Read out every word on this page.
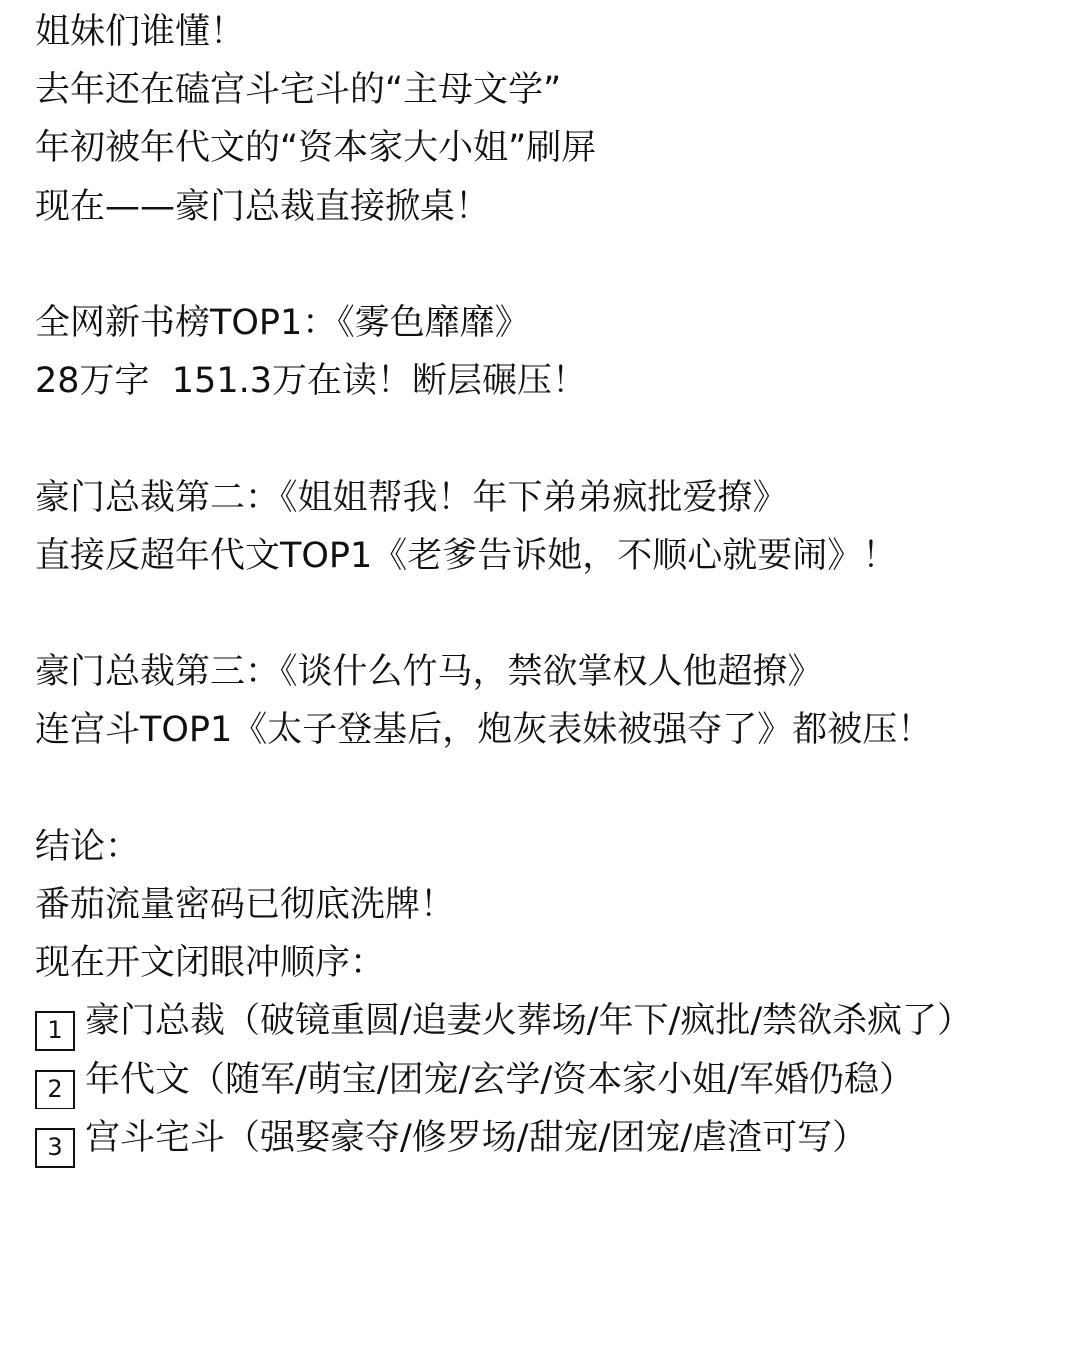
姐妹们谁懂！
去年还在磕宫斗宅斗的“主母文学”
年初被年代文的“资本家大小姐”刷屏
现在——豪门总裁直接掀桌！
全网新书榜TOP1：《雾色靡靡》
28万字  151.3万在读！断层碾压！
豪门总裁第二：《姐姐帮我！年下弟弟疯批爱撩》
直接反超年代文TOP1《老爹告诉她，不顺心就要闹》！
豪门总裁第三：《谈什么竹马，禁欲掌权人他超撩》
连宫斗TOP1《太子登基后，炮灰表妹被强夺了》都被压！
结论：
番茄流量密码已彻底洗牌！
现在开文闭眼冲顺序：
1 豪门总裁（破镜重圆/追妻火葬场/年下/疯批/禁欲杀疯了）
2 年代文（随军/萌宝/团宠/玄学/资本家小姐/军婚仍稳）
3 宫斗宅斗（强娶豪夺/修罗场/甜宠/团宠/虐渣可写）
